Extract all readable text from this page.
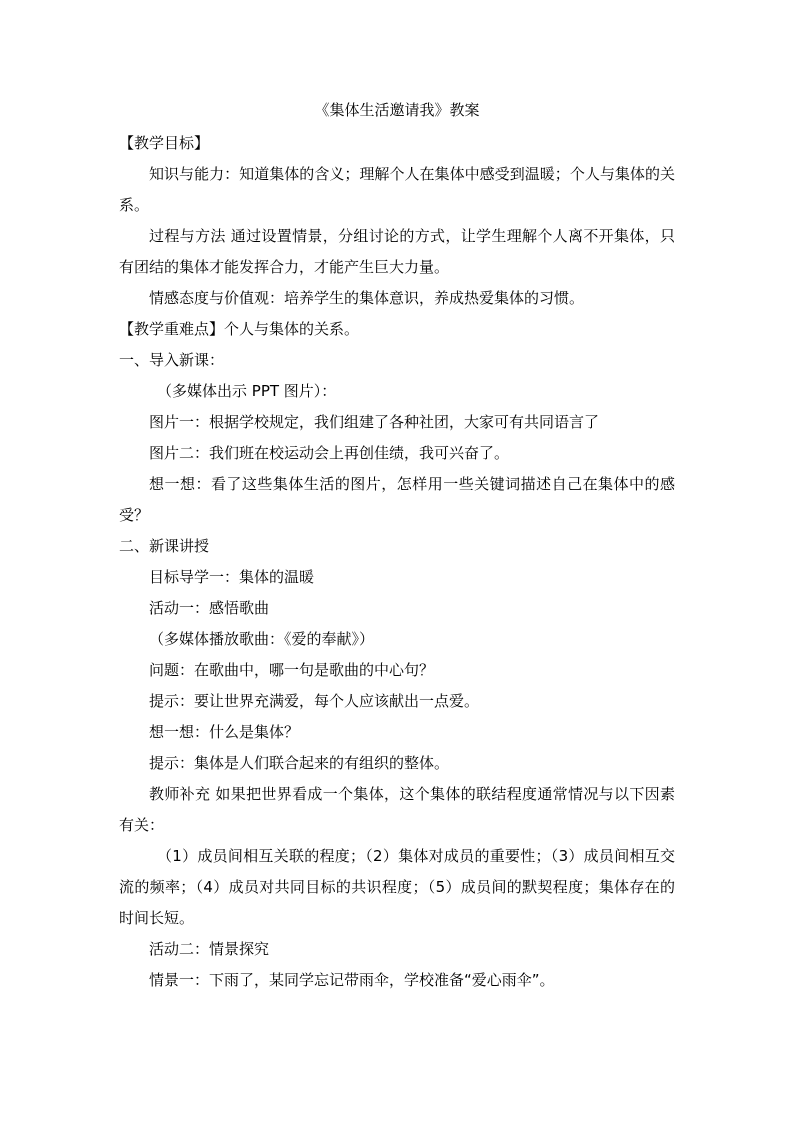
《集体生活邀请我》教案

【教学目标】

知识与能力：知道集体的含义；理解个人在集体中感受到温暖；个人与集体的关系。

过程与方法 通过设置情景，分组讨论的方式，让学生理解个人离不开集体，只有团结的集体才能发挥合力，才能产生巨大力量。

情感态度与价值观：培养学生的集体意识，养成热爱集体的习惯。

【教学重难点】个人与集体的关系。

一、导入新课：

（多媒体出示 PPT 图片）：

图片一：根据学校规定，我们组建了各种社团，大家可有共同语言了

图片二：我们班在校运动会上再创佳绩，我可兴奋了。

想一想：看了这些集体生活的图片，怎样用一些关键词描述自己在集体中的感受？

二、新课讲授

目标导学一：集体的温暖

活动一：感悟歌曲

（多媒体播放歌曲：《爱的奉献》）

问题：在歌曲中，哪一句是歌曲的中心句？

提示：要让世界充满爱，每个人应该献出一点爱。

想一想：什么是集体？

提示：集体是人们联合起来的有组织的整体。

教师补充 如果把世界看成一个集体，这个集体的联结程度通常情况与以下因素有关：

（1）成员间相互关联的程度；（2）集体对成员的重要性；（3）成员间相互交流的频率；（4）成员对共同目标的共识程度；（5）成员间的默契程度；集体存在的时间长短。

活动二：情景探究

情景一：下雨了，某同学忘记带雨伞，学校准备“爱心雨伞”。
